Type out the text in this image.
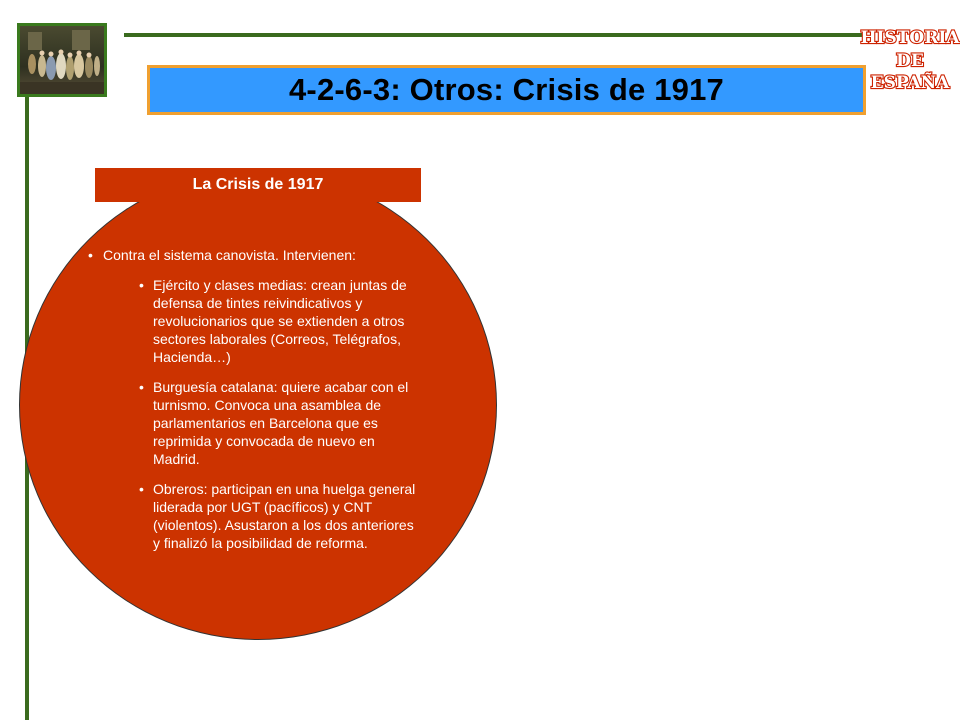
4-2-6-3: Otros: Crisis de 1917
HISTORIA
DE
ESPAÑA
La Crisis de 1917
• Contra el sistema canovista. Intervienen:
• Ejército y clases medias: crean juntas de defensa de tintes reivindicativos y revolucionarios que se extienden a otros sectores laborales (Correos, Telégrafos, Hacienda…)
• Burguesía catalana: quiere acabar con el turnismo. Convoca una asamblea de parlamentarios en Barcelona que es reprimida y convocada de nuevo en Madrid.
• Obreros: participan en una huelga general liderada por UGT (pacíficos) y CNT (violentos). Asustaron a los dos anteriores y finalizó la posibilidad de reforma.
